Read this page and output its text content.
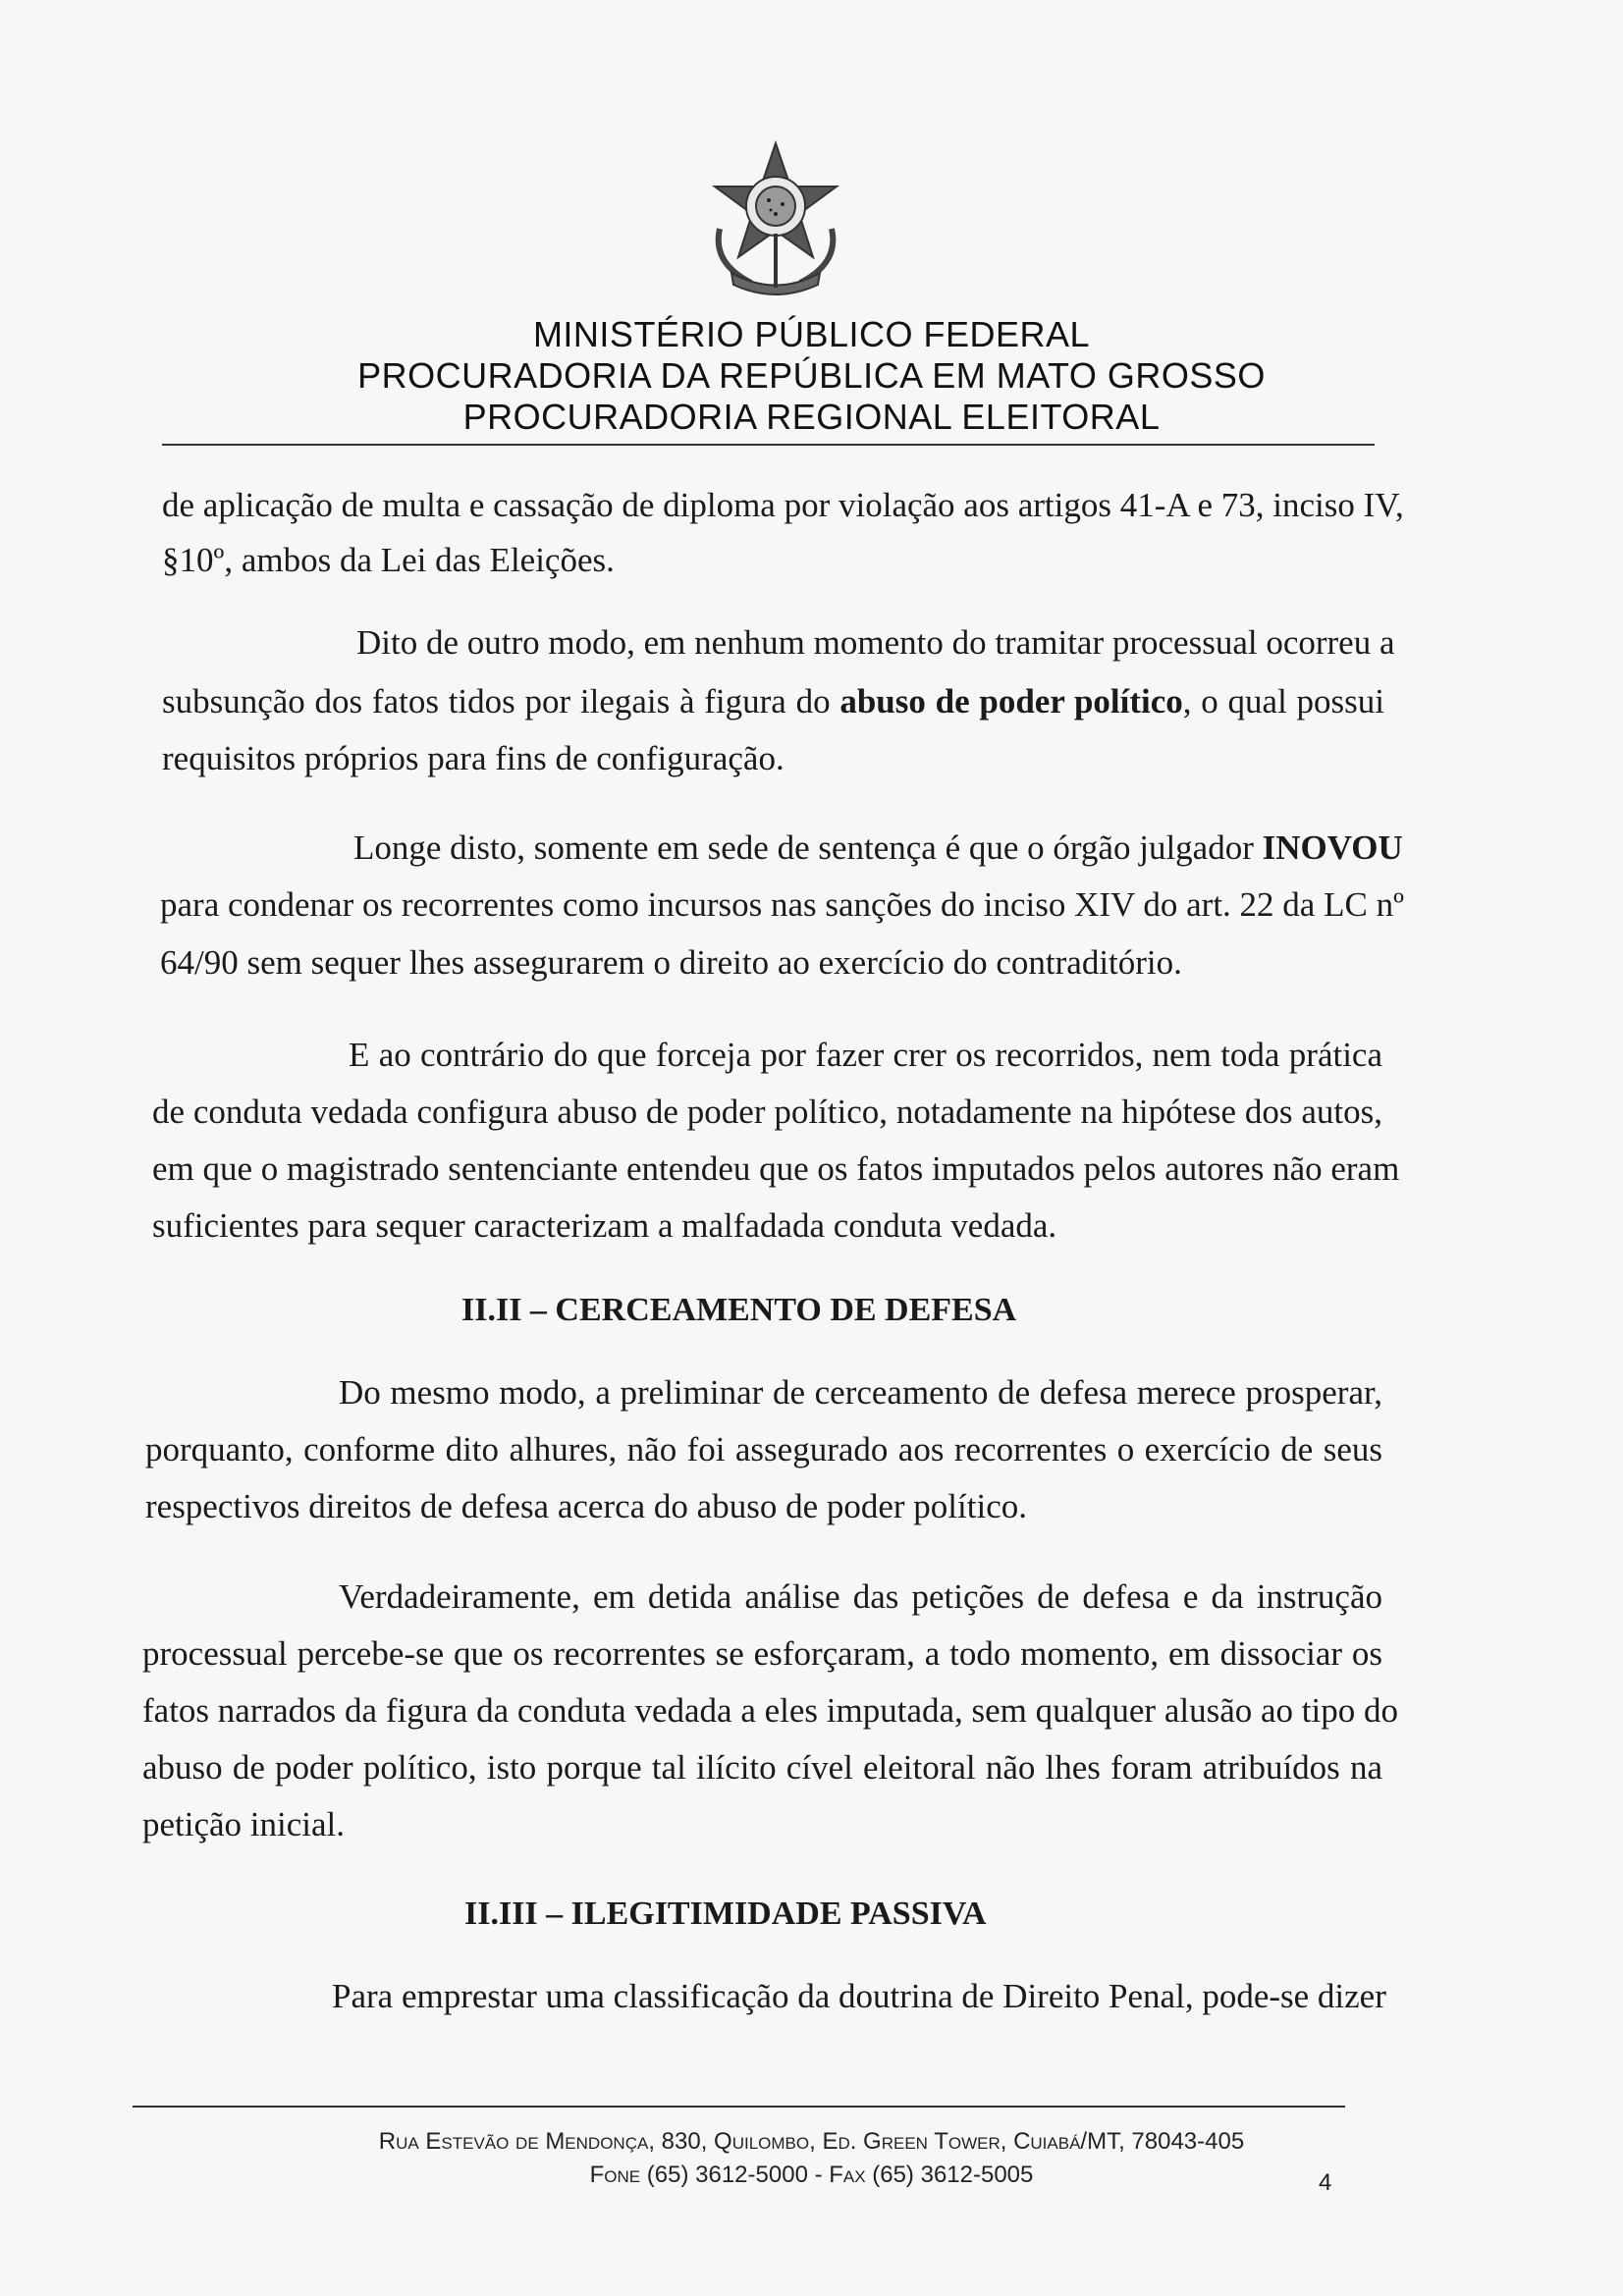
MINISTÉRIO PÚBLICO FEDERAL
PROCURADORIA DA REPÚBLICA EM MATO GROSSO
PROCURADORIA REGIONAL ELEITORAL
de aplicação de multa e cassação de diploma por violação aos artigos 41-A e 73, inciso IV,
§10º, ambos da Lei das Eleições.
Dito de outro modo, em nenhum momento do tramitar processual ocorreu a
subsunção dos fatos tidos por ilegais à figura do abuso de poder político, o qual possui
requisitos próprios para fins de configuração.
Longe disto, somente em sede de sentença é que o órgão julgador INOVOU
para condenar os recorrentes como incursos nas sanções do inciso XIV do art. 22 da LC nº
64/90 sem sequer lhes assegurarem o direito ao exercício do contraditório.
E ao contrário do que forceja por fazer crer os recorridos, nem toda prática
de conduta vedada configura abuso de poder político, notadamente na hipótese dos autos,
em que o magistrado sentenciante entendeu que os fatos imputados pelos autores não eram
suficientes para sequer caracterizam a malfadada conduta vedada.
II.II – CERCEAMENTO DE DEFESA
Do mesmo modo, a preliminar de cerceamento de defesa merece prosperar,
porquanto, conforme dito alhures, não foi assegurado aos recorrentes o exercício de seus
respectivos direitos de defesa acerca do abuso de poder político.
Verdadeiramente, em detida análise das petições de defesa e da instrução
processual percebe-se que os recorrentes se esforçaram, a todo momento, em dissociar os
fatos narrados da figura da conduta vedada a eles imputada, sem qualquer alusão ao tipo do
abuso de poder político, isto porque tal ilícito cível eleitoral não lhes foram atribuídos na
petição inicial.
II.III – ILEGITIMIDADE PASSIVA
Para emprestar uma classificação da doutrina de Direito Penal, pode-se dizer
Rua Estevão de Mendonça, 830, Quilombo, Ed. Green Tower, Cuiabá/MT, 78043-405
Fone (65) 3612-5000 - Fax (65) 3612-5005	4
